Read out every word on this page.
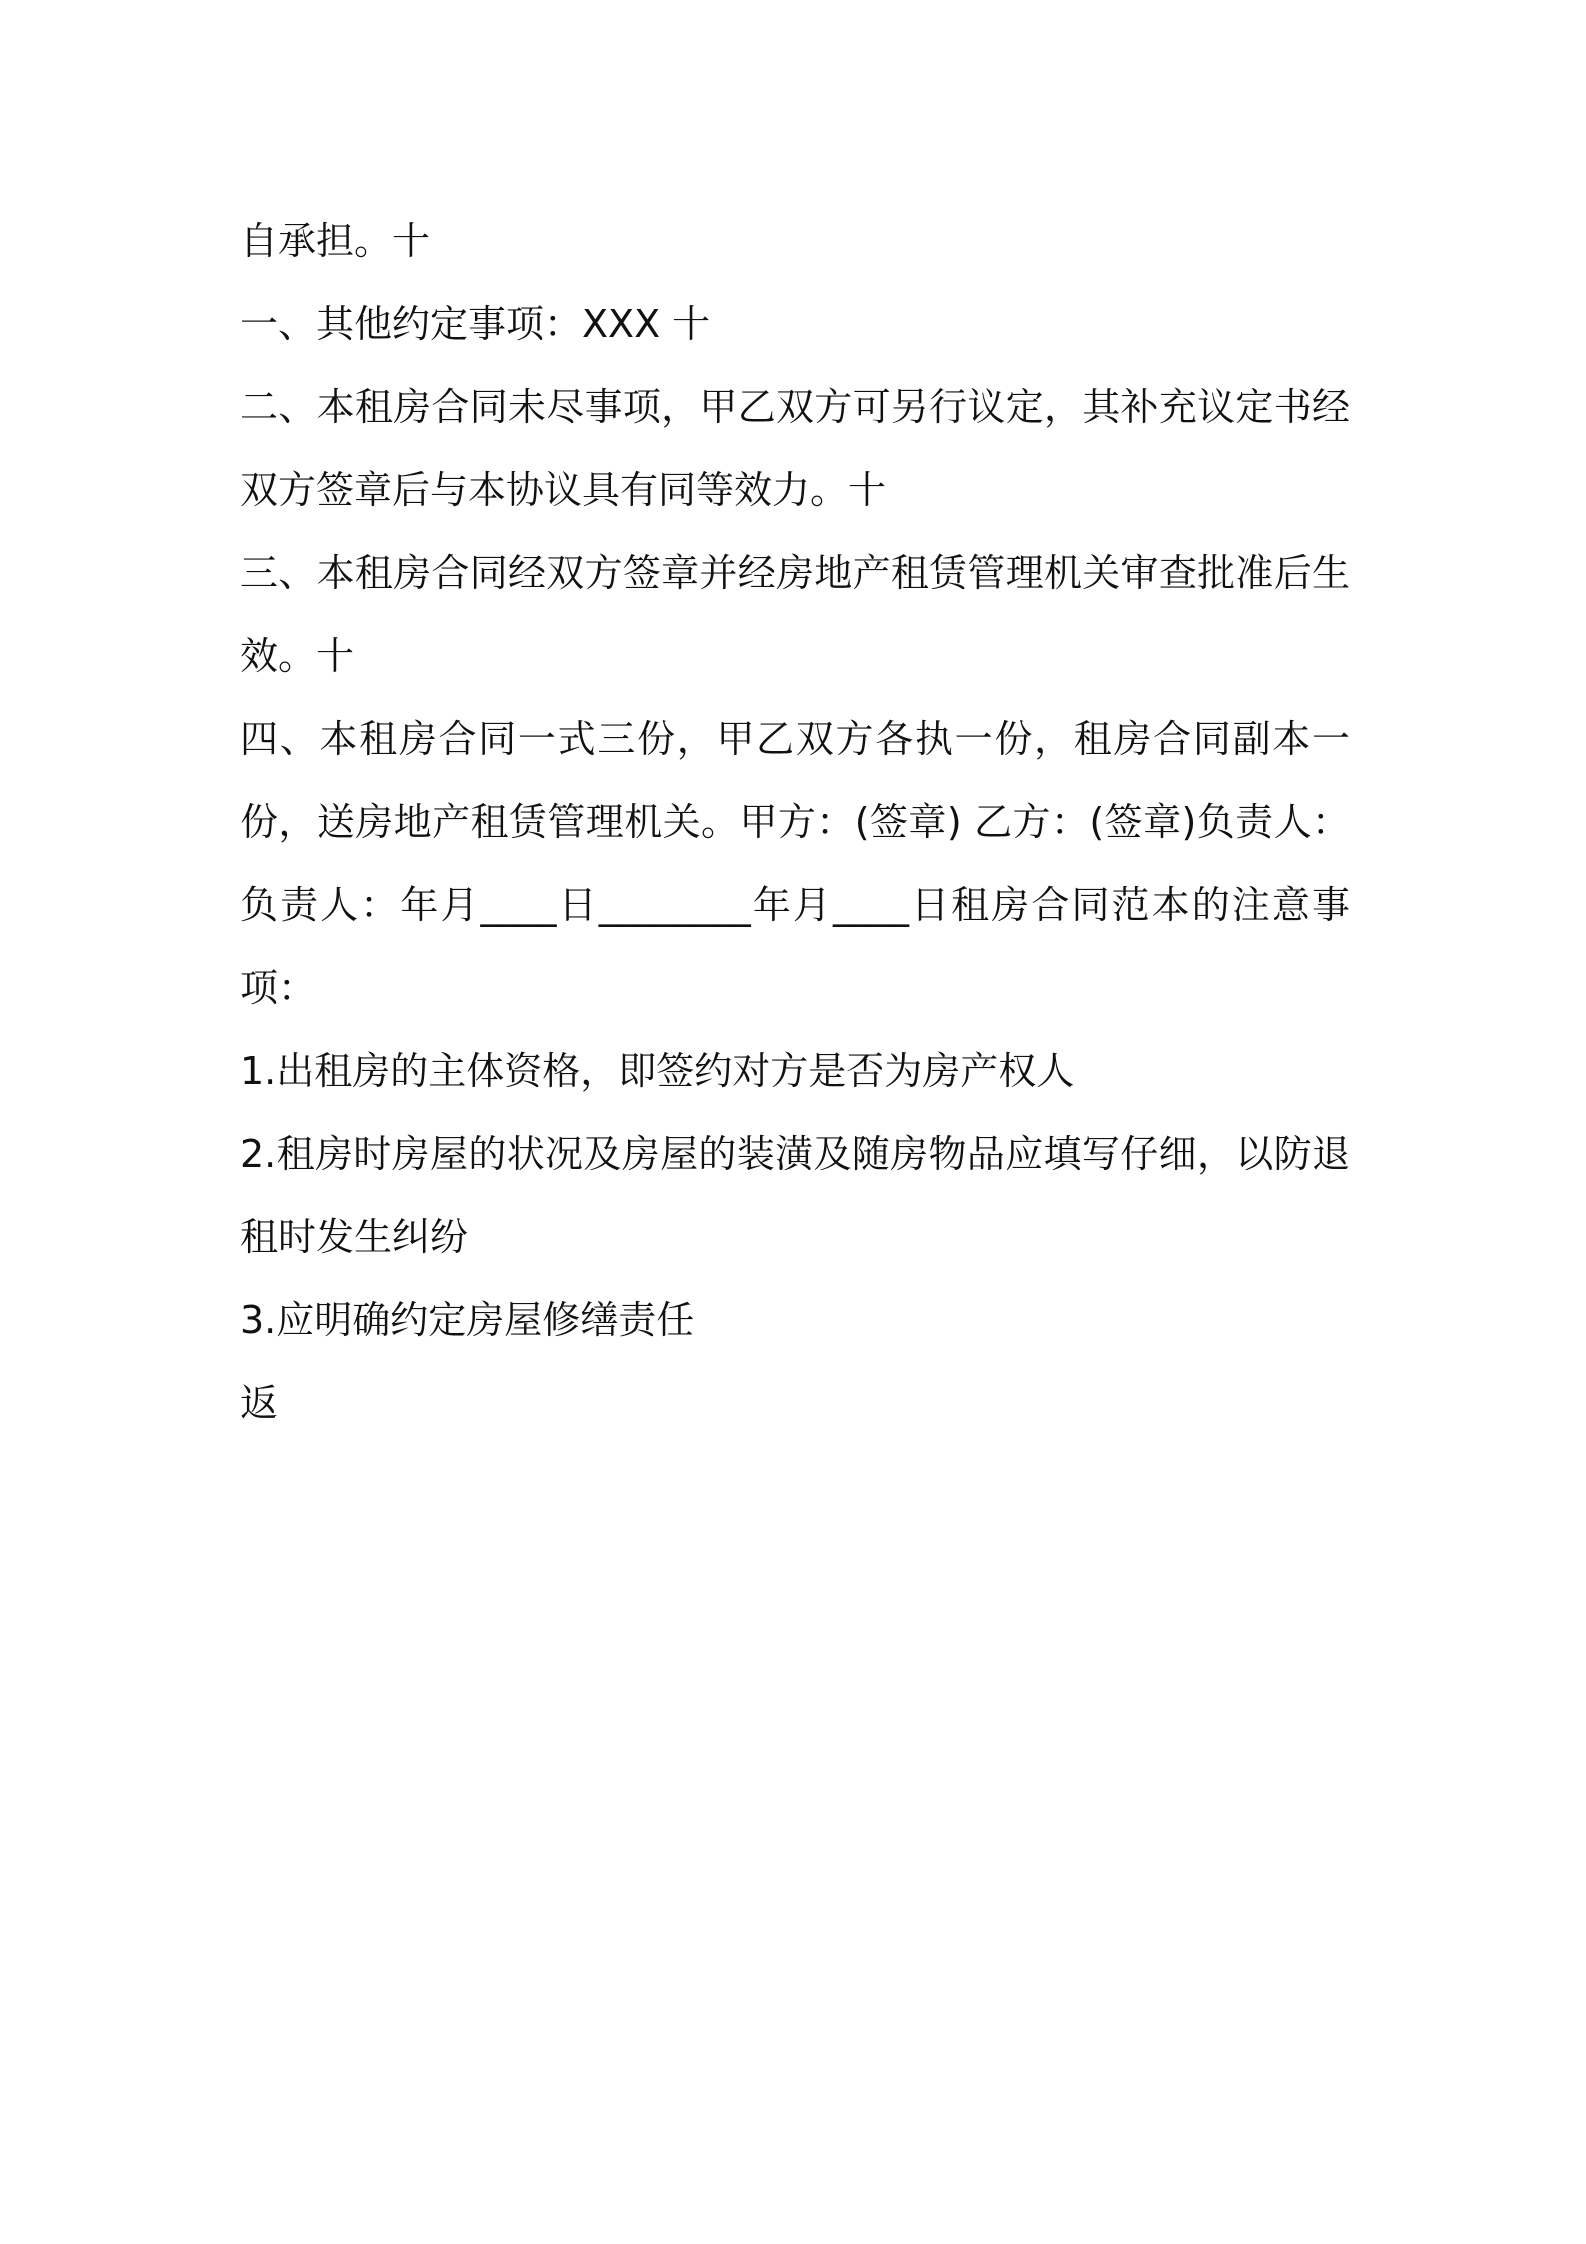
自承担。十

一、其他约定事项：XXX 十

二、本租房合同未尽事项，甲乙双方可另行议定，其补充议定书经双方签章后与本协议具有同等效力。十

三、本租房合同经双方签章并经房地产租赁管理机关审查批准后生效。十

四、本租房合同一式三份，甲乙双方各执一份，租房合同副本一份，送房地产租赁管理机关。甲方：(签章) 乙方：(签章)负责人：负责人：年月____日________年月____日租房合同范本的注意事项：

1.出租房的主体资格，即签约对方是否为房产权人

2.租房时房屋的状况及房屋的装潢及随房物品应填写仔细，以防退租时发生纠纷

3.应明确约定房屋修缮责任

返
